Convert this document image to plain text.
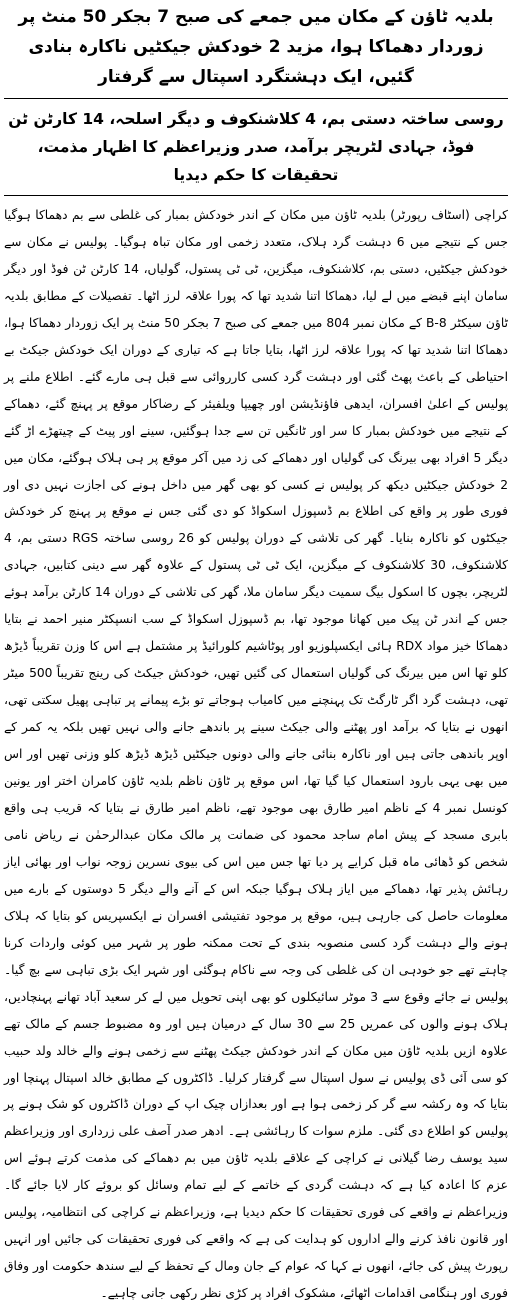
بلدیہ ٹاؤن کے مکان میں جمعے کی صبح 7 بجکر 50 منٹ پر زوردار دھماکا ہوا، مزید 2 خودکش جیکٹیں ناکارہ بنادی گئیں، ایک دہشتگرد اسپتال سے گرفتار
روسی ساختہ دستی بم، 4 کلاشنکوف و دیگر اسلحہ، 14 کارٹن ٹن فوڈ، جہادی لٹریچر برآمد، صدر وزیراعظم کا اظہار مذمت، تحقیقات کا حکم دیدیا

کراچی (اسٹاف رپورٹر) بلدیہ ٹاؤن میں مکان کے اندر خودکش بمبار کی غلطی سے بم دھماکا ہوگیا جس کے نتیجے میں 6 دہشت گرد ہلاک، متعدد زخمی اور مکان تباہ ہوگیا۔ پولیس نے مکان سے خودکش جیکٹیں، دستی بم، کلاشنکوف، میگزین، ٹی ٹی پستول، گولیاں، 14 کارٹن ٹن فوڈ اور دیگر سامان اپنے قبضے میں لے لیا، دھماکا اتنا شدید تھا کہ پورا علاقہ لرز اٹھا۔ تفصیلات کے مطابق بلدیہ ٹاؤن سیکٹر B-8 کے مکان نمبر 804 میں جمعے کی صبح 7 بجکر 50 منٹ پر ایک زوردار دھماکا ہوا، دھماکا اتنا شدید تھا کہ پورا علاقہ لرز اٹھا، بتایا جاتا ہے کہ تیاری کے دوران ایک خودکش جیکٹ بے احتیاطی کے باعث پھٹ گئی اور دہشت گرد کسی کارروائی سے قبل ہی مارے گئے۔ اطلاع ملنے پر پولیس کے اعلیٰ افسران، ایدھی فاؤنڈیشن اور چھیپا ویلفیئر کے رضاکار موقع پر پہنچ گئے، دھماکے کے نتیجے میں خودکش بمبار کا سر اور ٹانگیں تن سے جدا ہوگئیں، سینے اور پیٹ کے چیتھڑے اڑ گئے دیگر 5 افراد بھی بیرنگ کی گولیاں اور دھماکے کی زد میں آکر موقع پر ہی ہلاک ہوگئے، مکان میں 2 خودکش جیکٹیں دیکھ کر پولیس نے کسی کو بھی گھر میں داخل ہونے کی اجازت نہیں دی اور فوری طور پر واقع کی اطلاع بم ڈسپوزل اسکواڈ کو دی گئی جس نے موقع پر پہنچ کر خودکش جیکٹوں کو ناکارہ بنایا۔ گھر کی تلاشی کے دوران پولیس کو 26 روسی ساختہ RGS دستی بم، 4 کلاشنکوف، 30 کلاشنکوف کے میگزین، ایک ٹی ٹی پستول کے علاوہ گھر سے دینی کتابیں، جہادی لٹریچر، بچوں کا اسکول بیگ سمیت دیگر سامان ملا، گھر کی تلاشی کے دوران 14 کارٹن برآمد ہوئے جس کے اندر ٹن پیک میں کھانا موجود تھا، بم ڈسپوزل اسکواڈ کے سب انسپکٹر منیر احمد نے بتایا دھماکا خیز مواد RDX ہائی ایکسپلوزیو اور پوٹاشیم کلورائیڈ پر مشتمل ہے اس کا وزن تقریباً ڈیڑھ کلو تھا اس میں بیرنگ کی گولیاں استعمال کی گئیں تھیں، خودکش جیکٹ کی رینج تقریباً 500 میٹر تھی، دہشت گرد اگر ٹارگٹ تک پہنچنے میں کامیاب ہوجاتے تو بڑے پیمانے پر تباہی پھیل سکتی تھی، انھوں نے بتایا کہ برآمد اور پھٹنے والی جیکٹ سینے پر باندھے جانے والی نہیں تھیں بلکہ یہ کمر کے اوپر باندھی جاتی ہیں اور ناکارہ بنائی جانے والی دونوں جیکٹیں ڈیڑھ ڈیڑھ کلو وزنی تھیں اور اس میں بھی یہی بارود استعمال کیا گیا تھا، اس موقع پر ٹاؤن ناظم بلدیہ ٹاؤن کامران اختر اور یونین کونسل نمبر 4 کے ناظم امیر طارق بھی موجود تھے، ناظم امیر طارق نے بتایا کہ قریب ہی واقع بابری مسجد کے پیش امام ساجد محمود کی ضمانت پر مالک مکان عبدالرحمٰن نے ریاض نامی شخص کو ڈھائی ماہ قبل کرایے پر دیا تھا جس میں اس کی بیوی نسرین زوجہ نواب اور بھائی ایاز رہائش پذیر تھا، دھماکے میں ایاز ہلاک ہوگیا جبکہ اس کے آنے والے دیگر 5 دوستوں کے بارے میں معلومات حاصل کی جارہی ہیں، موقع پر موجود تفتیشی افسران نے ایکسپریس کو بتایا کہ ہلاک ہونے والے دہشت گرد کسی منصوبہ بندی کے تحت ممکنہ طور پر شہر میں کوئی واردات کرنا چاہتے تھے جو خودہی ان کی غلطی کی وجہ سے ناکام ہوگئی اور شہر ایک بڑی تباہی سے بچ گیا۔ پولیس نے جائے وقوع سے 3 موٹر سائیکلوں کو بھی اپنی تحویل میں لے کر سعید آباد تھانے پہنچادیں، ہلاک ہونے والوں کی عمریں 25 سے 30 سال کے درمیان ہیں اور وہ مضبوط جسم کے مالک تھے علاوہ ازیں بلدیہ ٹاؤن میں مکان کے اندر خودکش جیکٹ پھٹنے سے زخمی ہونے والے خالد ولد حبیب کو سی آئی ڈی پولیس نے سول اسپتال سے گرفتار کرلیا۔ ڈاکٹروں کے مطابق خالد اسپتال پہنچا اور بتایا کہ وہ رکشہ سے گر کر زخمی ہوا ہے اور بعدازاں چیک اپ کے دوران ڈاکٹروں کو شک ہونے پر پولیس کو اطلاع دی گئی۔ ملزم سوات کا رہائشی ہے۔ ادھر صدر آصف علی زرداری اور وزیراعظم سید یوسف رضا گیلانی نے کراچی کے علاقے بلدیہ ٹاؤن میں بم دھماکے کی مذمت کرتے ہوئے اس عزم کا اعادہ کیا ہے کہ دہشت گردی کے خاتمے کے لیے تمام وسائل کو بروئے کار لایا جائے گا۔ وزیراعظم نے واقعے کی فوری تحقیقات کا حکم دیدیا ہے، وزیراعظم نے کراچی کی انتظامیہ، پولیس اور قانون نافذ کرنے والے اداروں کو ہدایت کی ہے کہ واقعے کی فوری تحقیقات کی جائیں اور انہیں رپورٹ پیش کی جائے، انھوں نے کہا کہ عوام کے جان ومال کے تحفظ کے لیے سندھ حکومت اور وفاق فوری اور ہنگامی اقدامات اٹھائے، مشکوک افراد پر کڑی نظر رکھی جانی چاہیے۔
